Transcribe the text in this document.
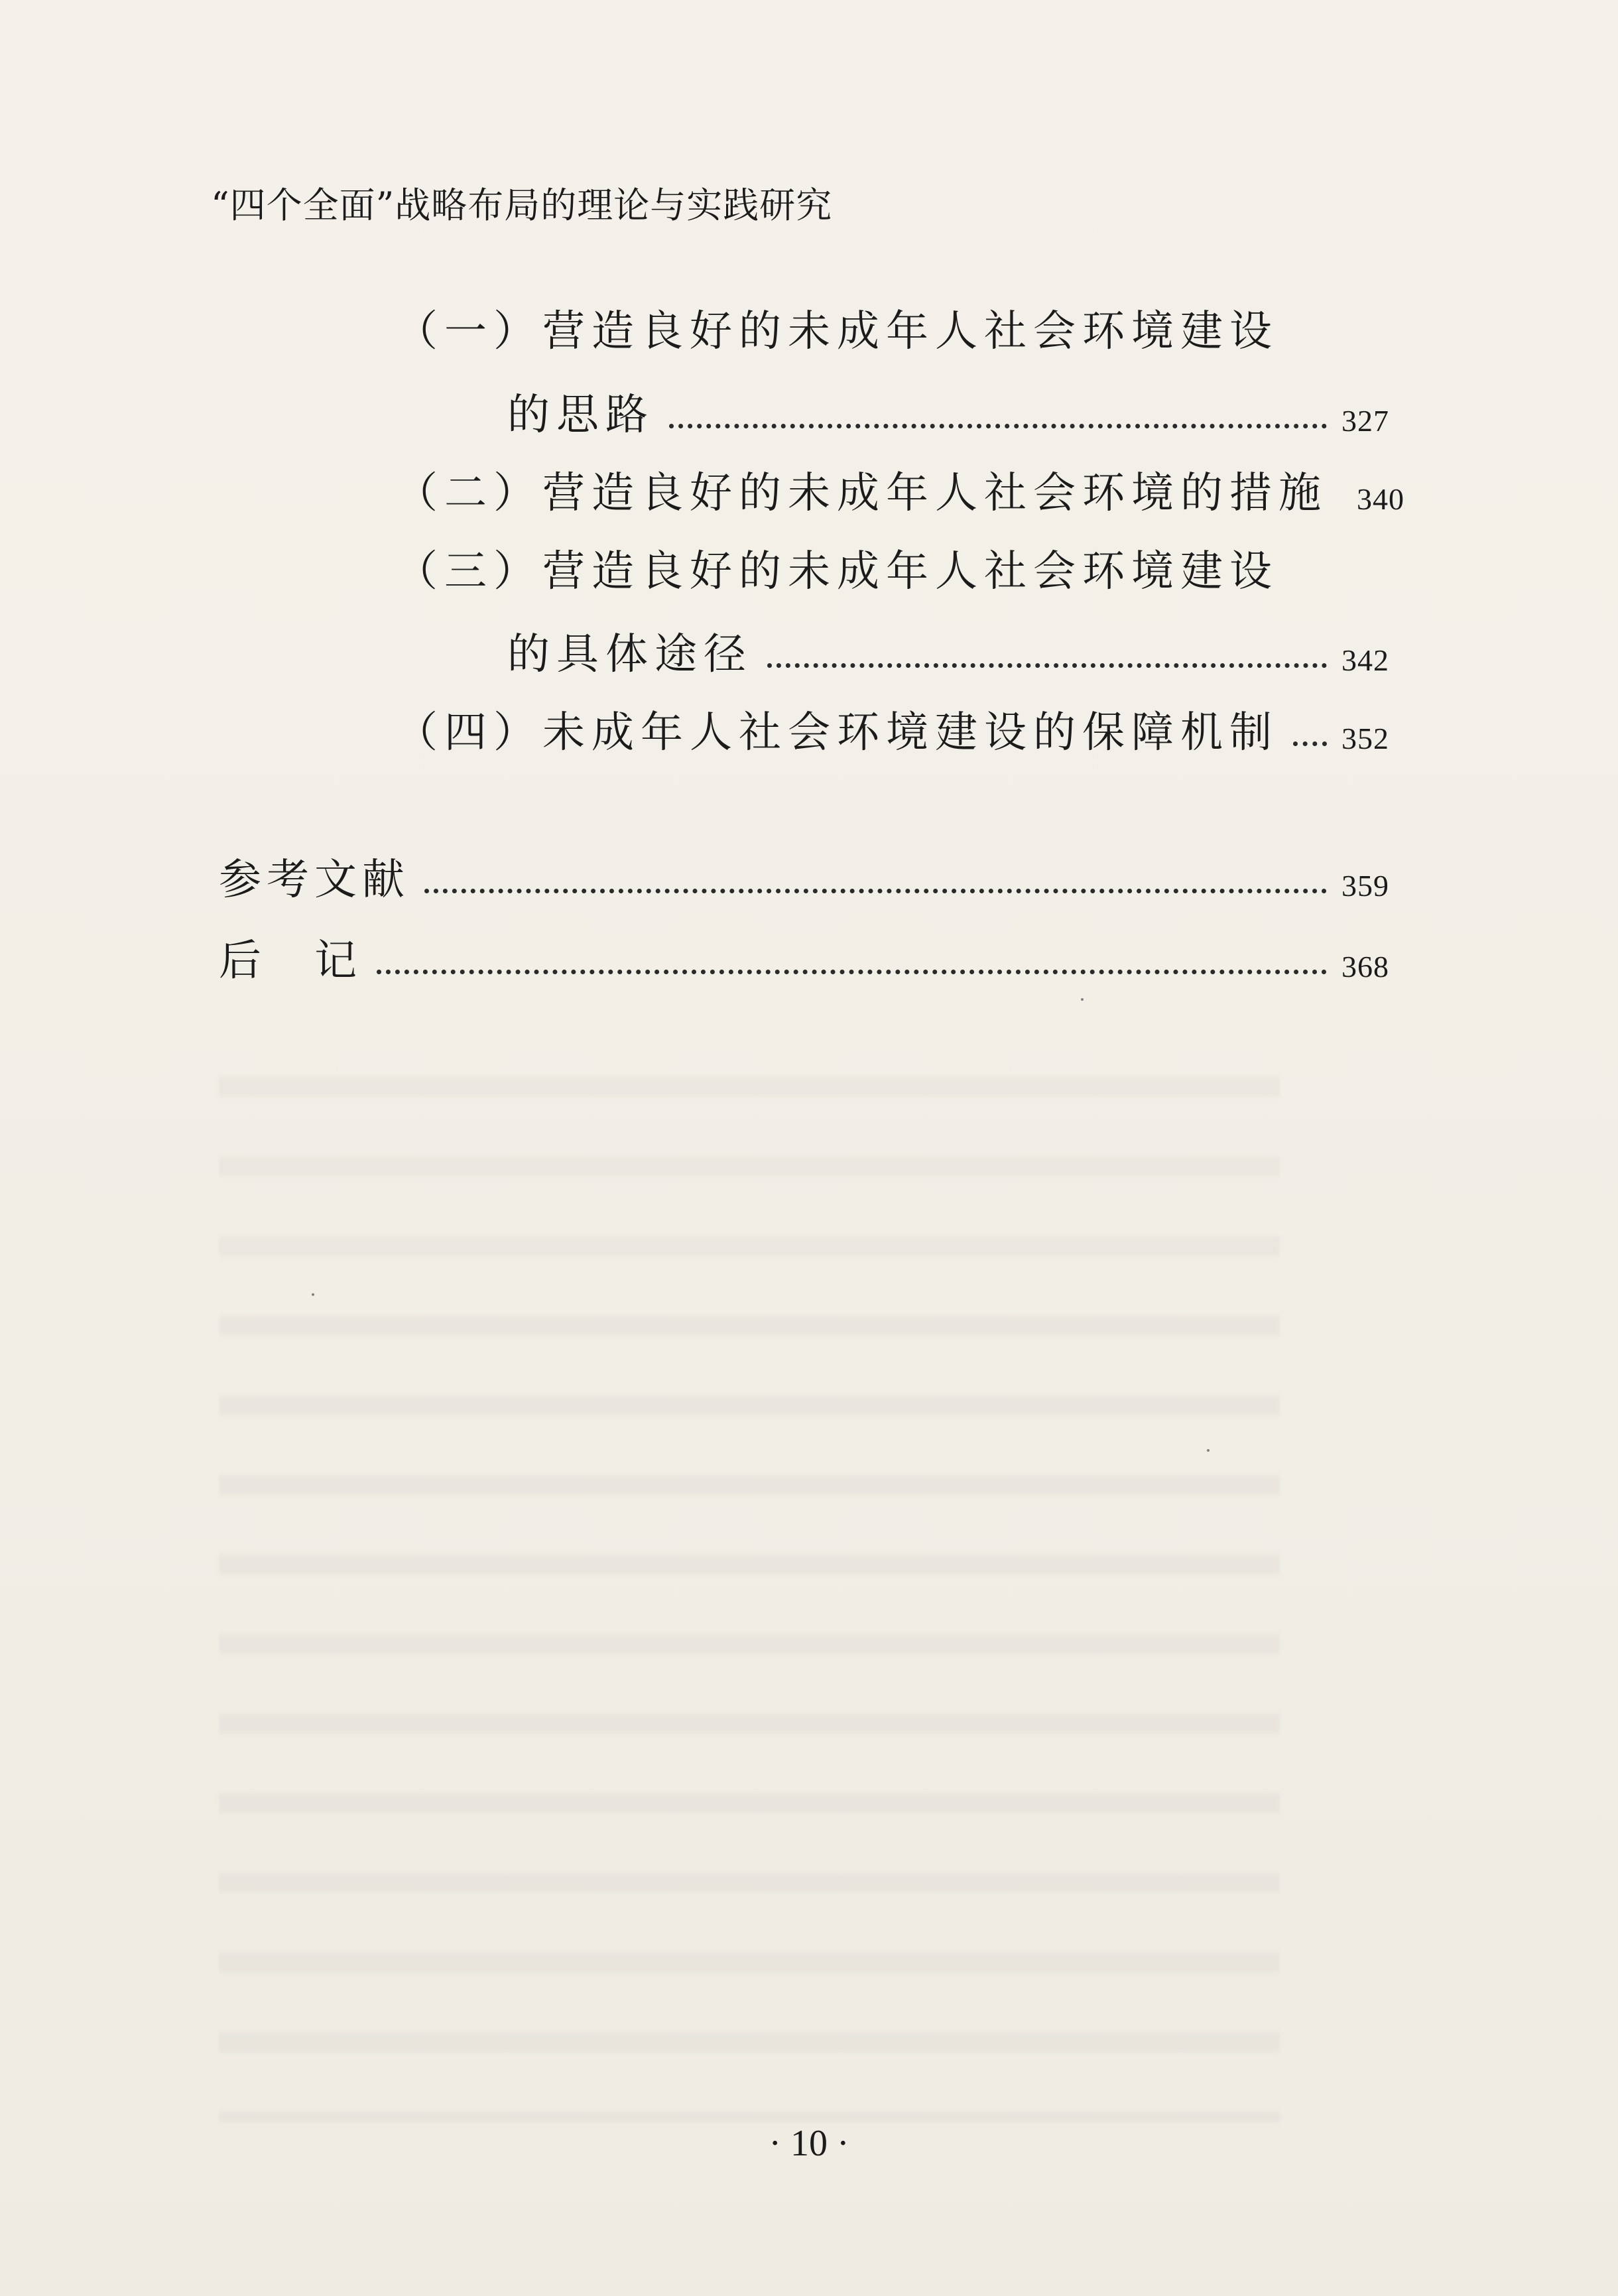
“四个全面”战略布局的理论与实践研究
（一）营造良好的未成年人社会环境建设
的思路	327
（二）营造良好的未成年人社会环境的措施 340
（三）营造良好的未成年人社会环境建设
的具体途径	342
（四）未成年人社会环境建设的保障机制 352
参考文献	359
后　记	368
· 10 ·
